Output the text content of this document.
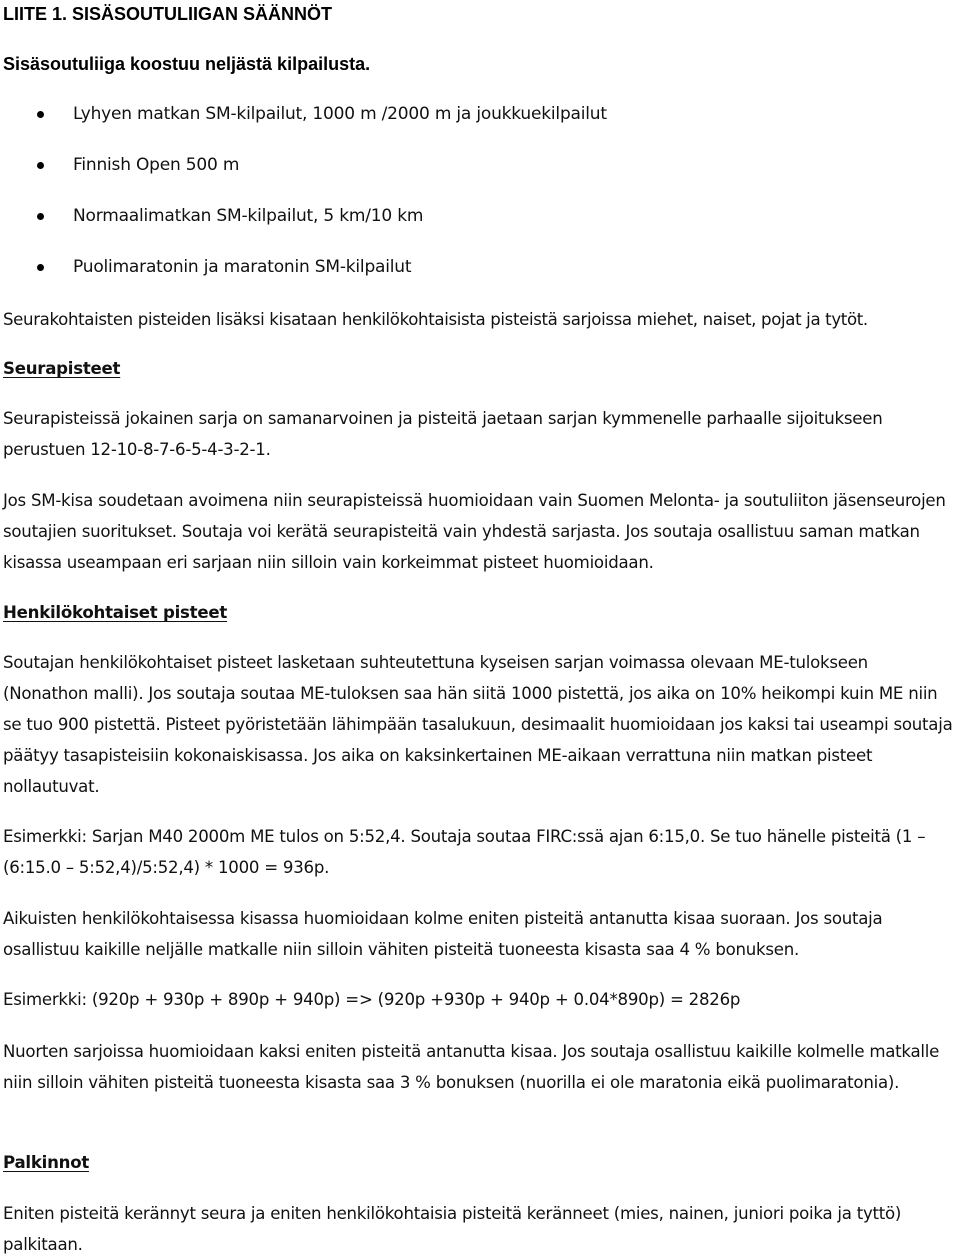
LIITE 1. SISÄSOUTULIIGAN SÄÄNNÖT

Sisäsoutuliiga koostuu neljästä kilpailusta.

Lyhyen matkan SM-kilpailut, 1000 m /2000 m ja joukkuekilpailut
Finnish Open 500 m
Normaalimatkan SM-kilpailut, 5 km/10 km
Puolimaratonin ja maratonin SM-kilpailut

Seurakohtaisten pisteiden lisäksi kisataan henkilökohtaisista pisteistä sarjoissa miehet, naiset, pojat ja tytöt.

Seurapisteet

Seurapisteissä jokainen sarja on samanarvoinen ja pisteitä jaetaan sarjan kymmenelle parhaalle sijoitukseen perustuen 12-10-8-7-6-5-4-3-2-1.

Jos SM-kisa soudetaan avoimena niin seurapisteissä huomioidaan vain Suomen Melonta- ja soutuliiton jäsenseurojen soutajien suoritukset. Soutaja voi kerätä seurapisteitä vain yhdestä sarjasta. Jos soutaja osallistuu saman matkan kisassa useampaan eri sarjaan niin silloin vain korkeimmat pisteet huomioidaan.

Henkilökohtaiset pisteet

Soutajan henkilökohtaiset pisteet lasketaan suhteutettuna kyseisen sarjan voimassa olevaan ME-tulokseen (Nonathon malli). Jos soutaja soutaa ME-tuloksen saa hän siitä 1000 pistettä, jos aika on 10% heikompi kuin ME niin se tuo 900 pistettä. Pisteet pyöristetään lähimpään tasalukuun, desimaalit huomioidaan jos kaksi tai useampi soutaja päätyy tasapisteisiin kokonaiskisassa. Jos aika on kaksinkertainen ME-aikaan verrattuna niin matkan pisteet nollautuvat.

Esimerkki: Sarjan M40 2000m ME tulos on 5:52,4. Soutaja soutaa FIRC:ssä ajan 6:15,0. Se tuo hänelle pisteitä (1 – (6:15.0 – 5:52,4)/5:52,4) * 1000 = 936p.

Aikuisten henkilökohtaisessa kisassa huomioidaan kolme eniten pisteitä antanutta kisaa suoraan. Jos soutaja osallistuu kaikille neljälle matkalle niin silloin vähiten pisteitä tuoneesta kisasta saa 4 % bonuksen.

Esimerkki: (920p + 930p + 890p + 940p) => (920p +930p + 940p + 0.04*890p) = 2826p

Nuorten sarjoissa huomioidaan kaksi eniten pisteitä antanutta kisaa. Jos soutaja osallistuu kaikille kolmelle matkalle niin silloin vähiten pisteitä tuoneesta kisasta saa 3 % bonuksen (nuorilla ei ole maratonia eikä puolimaratonia).

Palkinnot

Eniten pisteitä kerännyt seura ja eniten henkilökohtaisia pisteitä keränneet (mies, nainen, juniori poika ja tyttö) palkitaan.
